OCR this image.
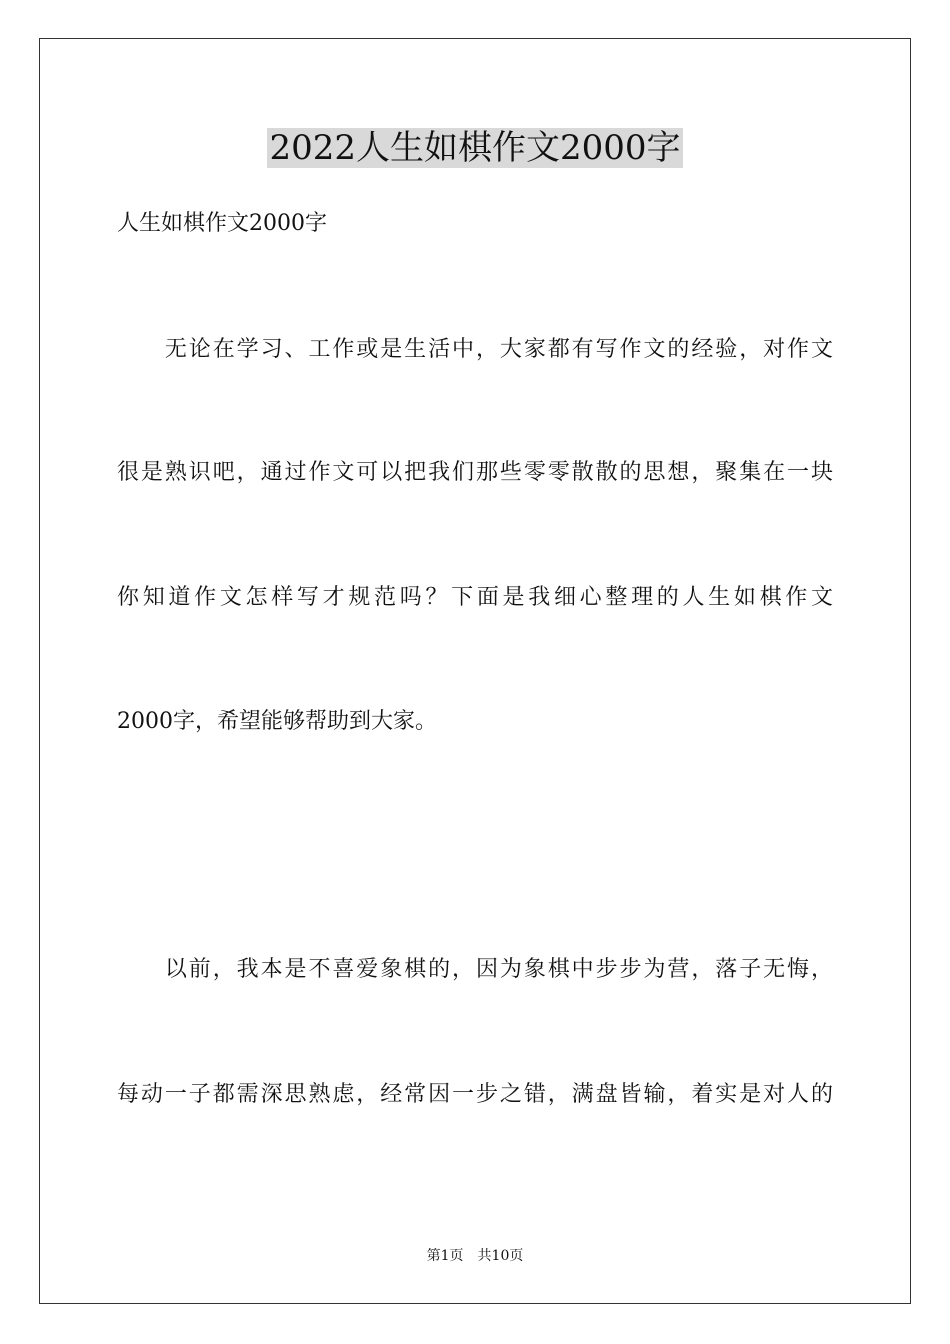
2022人生如棋作文2000字
人生如棋作文2000字
　　无论在学习、工作或是生活中，大家都有写作文的经验，对作文
很是熟识吧，通过作文可以把我们那些零零散散的思想，聚集在一块
你知道作文怎样写才规范吗？下面是我细心整理的人生如棋作文
2000字，希望能够帮助到大家。
　　以前，我本是不喜爱象棋的，因为象棋中步步为营，落子无悔，
每动一子都需深思熟虑，经常因一步之错，满盘皆输，着实是对人的
第1页　共10页
